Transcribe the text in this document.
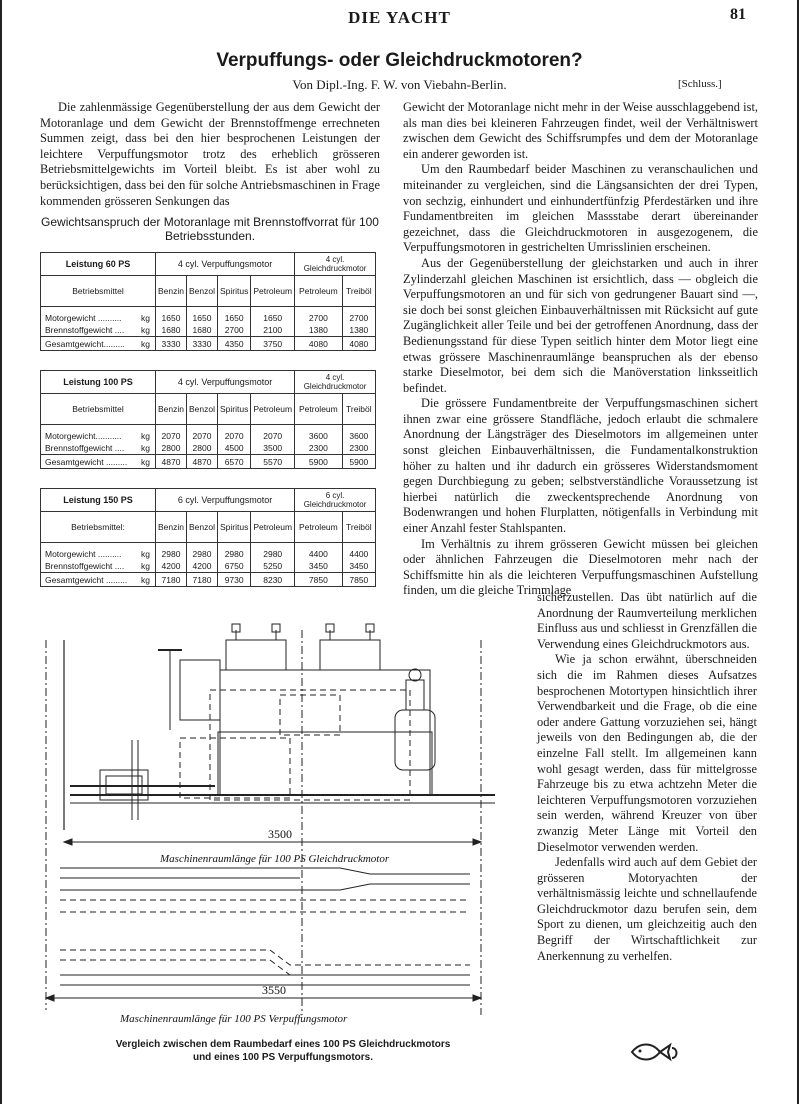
DIE YACHT	81
Verpuffungs- oder Gleichdruckmotoren?
Von Dipl.-Ing. F. W. von Viebahn-Berlin.	[Schluss.]

Die zahlenmässige Gegenüberstellung der aus dem Gewicht der Motoranlage und dem Gewicht der Brennstoffmenge errechneten Summen zeigt, dass bei den hier besprochenen Leistungen der leichtere Verpuffungsmotor trotz des erheblich grösseren Betriebsmittelgewichts im Vorteil bleibt. Es ist aber wohl zu berücksichtigen, dass bei den für solche Antriebsmaschinen in Frage kommenden grösseren Senkungen das

Gewichtsanspruch der Motoranlage mit Brennstoffvorrat für 100 Betriebsstunden.
Leistung 60 PS	4 cyl. Verpuffungsmotor				4 cyl. Gleichdruckmotor	
Betriebsmittel	Benzin	Benzol	Spiritus	Petroleum	Petroleum	Treiböl
Motorgewicht .......... kg	1650	1650	1650	1650	2700	2700
Brennstoffgewicht .... kg	1680	1680	2700	2100	1380	1380
Gesamtgewicht......... kg	3330	3330	4350	3750	4080	4080
Leistung 100 PS	4 cyl. Verpuffungsmotor				4 cyl. Gleichdruckmotor	
Betriebsmittel	Benzin	Benzol	Spiritus	Petroleum	Petroleum	Treiböl
Motorgewicht........... kg	2070	2070	2070	2070	3600	3600
Brennstoffgewicht .... kg	2800	2800	4500	3500	2300	2300
Gesamtgewicht ......... kg	4870	4870	6570	5570	5900	5900
Leistung 150 PS	6 cyl. Verpuffungsmotor				6 cyl. Gleichdruckmotor	
Betriebsmittel:	Benzin	Benzol	Spiritus	Petroleum	Petroleum	Treiböl
Motorgewicht .......... kg	2980	2980	2980	2980	4400	4400
Brennstoffgewicht .... kg	4200	4200	6750	5250	3450	3450
Gesamtgewicht ......... kg	7180	7180	9730	8230	7850	7850

Gewicht der Motoranlage nicht mehr in der Weise ausschlaggebend ist, als man dies bei kleineren Fahrzeugen findet, weil der Verhältniswert zwischen dem Gewicht des Schiffsrumpfes und dem der Motoranlage ein anderer geworden ist.

Um den Raumbedarf beider Maschinen zu veranschaulichen und miteinander zu vergleichen, sind die Längsansichten der drei Typen, von sechzig, einhundert und einhundertfünfzig Pferdestärken und ihre Fundamentbreiten im gleichen Massstabe derart übereinander gezeichnet, dass die Gleichdruckmotoren in ausgezogenem, die Verpuffungsmotoren in gestrichelten Umrisslinien erscheinen.

Aus der Gegenüberstellung der gleichstarken und auch in ihrer Zylinderzahl gleichen Maschinen ist ersichtlich, dass — obgleich die Verpuffungsmotoren an und für sich von gedrungener Bauart sind —, sie doch bei sonst gleichen Einbauverhältnissen mit Rücksicht auf gute Zugänglichkeit aller Teile und bei der getroffenen Anordnung, dass der Bedienungsstand für diese Typen seitlich hinter dem Motor liegt eine etwas grössere Maschinenraumlänge beanspruchen als der ebenso starke Dieselmotor, bei dem sich die Manöverstation linksseitlich befindet.

Die grössere Fundamentbreite der Verpuffungsmaschinen sichert ihnen zwar eine grössere Standfläche, jedoch erlaubt die schmalere Anordnung der Längsträger des Dieselmotors im allgemeinen unter sonst gleichen Einbauverhältnissen, die Fundamentalkonstruktion höher zu halten und ihr dadurch ein grösseres Widerstandsmoment gegen Durchbiegung zu geben; selbstverständliche Voraussetzung ist hierbei natürlich die zweckentsprechende Anordnung von Bodenwrangen und hohen Flurplatten, nötigenfalls in Verbindung mit einer Anzahl fester Stahlspanten.

Im Verhältnis zu ihrem grösseren Gewicht müssen bei gleichen oder ähnlichen Fahrzeugen die Dieselmotoren mehr nach der Schiffsmitte hin als die leichteren Verpuffungsmaschinen Aufstellung finden, um die gleiche Trimmlage

sicherzustellen. Das übt natürlich auf die Anordnung der Raumverteilung merklichen Einfluss aus und schliesst in Grenzfällen die Verwendung eines Gleichdruckmotors aus.

Wie ja schon erwähnt, überschneiden sich die im Rahmen dieses Aufsatzes besprochenen Motortypen hinsichtlich ihrer Verwendbarkeit und die Frage, ob die eine oder andere Gattung vorzuziehen sei, hängt jeweils von den Bedingungen ab, die der einzelne Fall stellt. Im allgemeinen kann wohl gesagt werden, dass für mittelgrosse Fahrzeuge bis zu etwa achtzehn Meter die leichteren Verpuffungsmotoren vorzuziehen sein werden, während Kreuzer von über zwanzig Meter Länge mit Vorteil den Dieselmotor verwenden werden.

Jedenfalls wird auch auf dem Gebiet der grösseren Motoryachten der verhältnismässig leichte und schnellaufende Gleichdruckmotor dazu berufen sein, dem Sport zu dienen, um gleichzeitig auch den Begriff der Wirtschaftlichkeit zur Anerkennung zu verhelfen.

3500
Maschinenraumlänge für 100 PS Gleichdruckmotor
3550
Maschinenraumlänge für 100 PS Verpuffungsmotor
Vergleich zwischen dem Raumbedarf eines 100 PS Gleichdruckmotors
und eines 100 PS Verpuffungsmotors.
